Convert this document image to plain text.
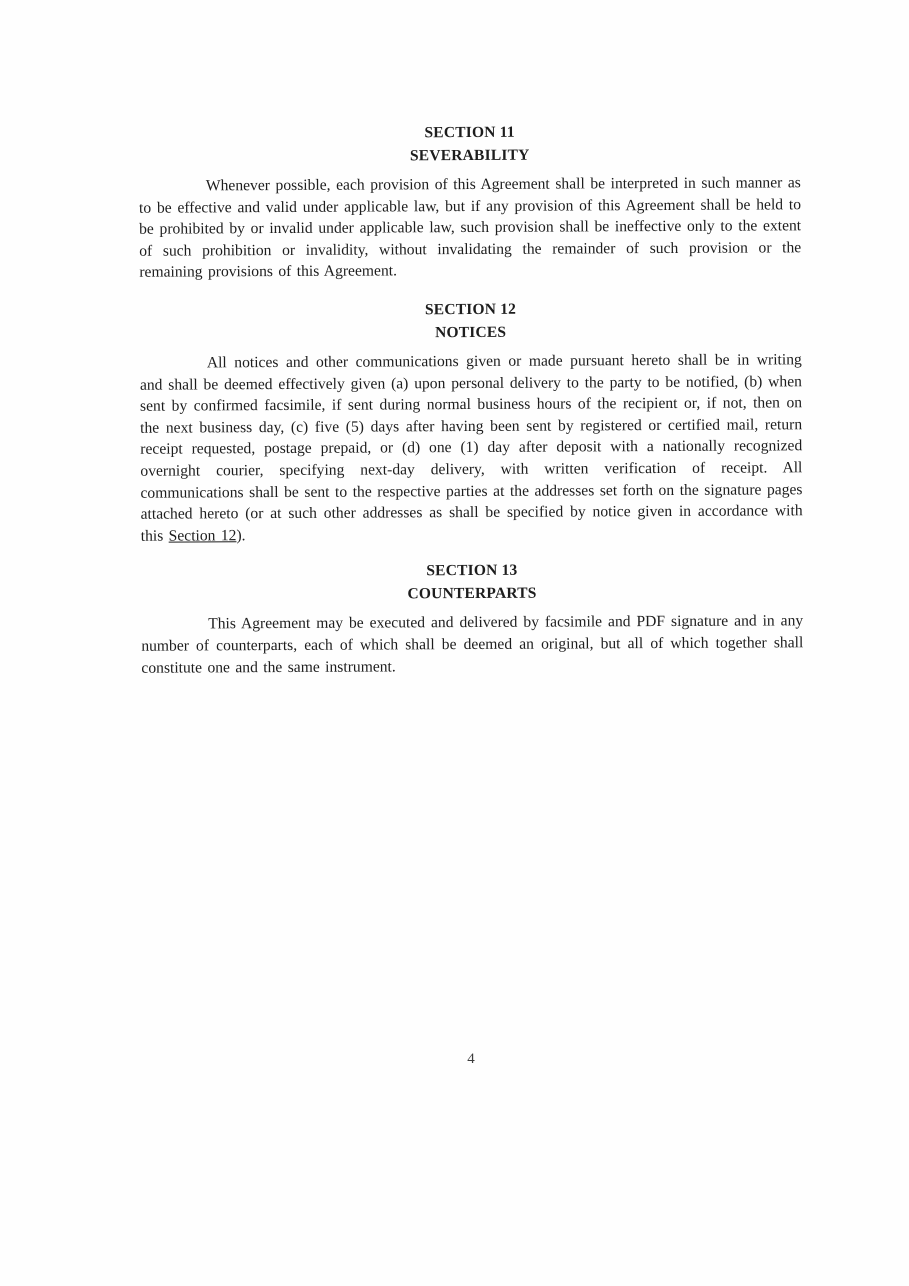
SECTION 11
SEVERABILITY

Whenever possible, each provision of this Agreement shall be interpreted in such manner as to be effective and valid under applicable law, but if any provision of this Agreement shall be held to be prohibited by or invalid under applicable law, such provision shall be ineffective only to the extent of such prohibition or invalidity, without invalidating the remainder of such provision or the remaining provisions of this Agreement.

SECTION 12
NOTICES

All notices and other communications given or made pursuant hereto shall be in writing and shall be deemed effectively given (a) upon personal delivery to the party to be notified, (b) when sent by confirmed facsimile, if sent during normal business hours of the recipient or, if not, then on the next business day, (c) five (5) days after having been sent by registered or certified mail, return receipt requested, postage prepaid, or (d) one (1) day after deposit with a nationally recognized overnight courier, specifying next-day delivery, with written verification of receipt. All communications shall be sent to the respective parties at the addresses set forth on the signature pages attached hereto (or at such other addresses as shall be specified by notice given in accordance with this Section 12).

SECTION 13
COUNTERPARTS

This Agreement may be executed and delivered by facsimile and PDF signature and in any number of counterparts, each of which shall be deemed an original, but all of which together shall constitute one and the same instrument.

4
